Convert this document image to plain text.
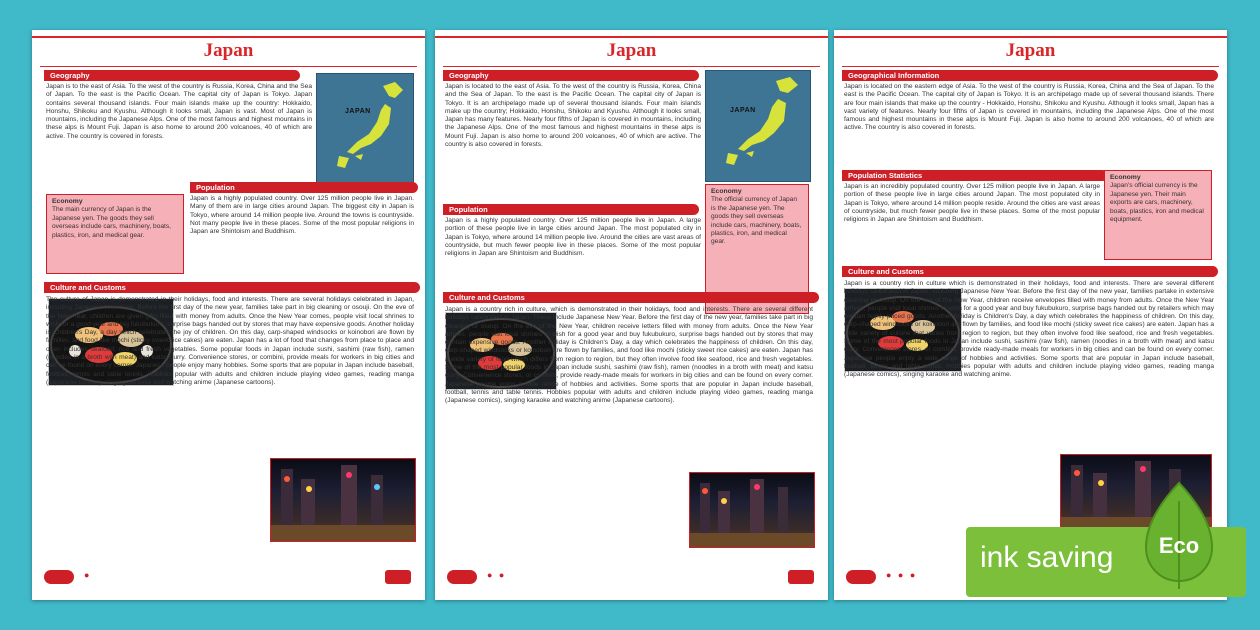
Japan
Geography
Japan is to the east of Asia. To the west of the country is Russia, Korea, China and the Sea of Japan. To the east is the Pacific Ocean. The capital city of Japan is Tokyo. Japan contains several thousand islands. Four main islands make up the country: Hokkaido, Honshu, Shikoku and Kyushu. Although it looks small, Japan is vast. Most of Japan is mountains, including the Japanese Alps. One of the most famous and highest mountains in these alps is Mount Fuji. Japan is also home to around 200 volcanoes, 40 of which are active. The country is covered in forests.
JAPAN
Population
Japan is a highly populated country. Over 125 million people live in Japan. Many of them are in large cities around Japan. The biggest city in Japan is Tokyo, where around 14 million people live. Around the towns is countryside. Not many people live in these places. Some of the most popular religions in Japan are Shintoism and Buddhism.
Economy
The main currency of Japan is the Japanese yen. The goods they sell overseas include cars, machinery, boats, plastics, iron, and medical gear.
Culture and Customs
The culture of Japan is demonstrated in their holidays, food and interests. There are several holidays celebrated in Japan, including Japanese New Year. Before the first day of the new year, families take part in big cleaning or osouji. On the eve of the New Year, children are given gifts filled with money from adults. Once the New Year comes, people visit local shrines to wish for a good year and big fukubukuro, surprise bags handed out by stores that may have expensive goods. Another holiday is Children's Day, a day which celebrates the joy of children. On this day, carp-shaped windsocks or koinobori are flown by families, and food like mochi (sticky sweet rice cakes) are eaten. Japan has a lot of food that changes from place to place and often includes seafood, rice and fresh vegetables. Some popular foods in Japan include sushi, sashimi (raw fish), ramen (noodles in a broth with meat) and katsu curry. Convenience stores, or combini, provide meals for workers in big cities and can be found on every corner. Japanese people enjoy many hobbies. Some sports that are popular in Japan include baseball, football, tennis and table tennis. Hobbies popular with adults and children include playing video games, reading manga (Japanese comics), singing karaoke and watching anime (Japanese cartoons).
●
Japan
Geography
Japan is located to the east of Asia. To the west of the country is Russia, Korea, China and the Sea of Japan. To the east is the Pacific Ocean. The capital city of Japan is Tokyo. It is an archipelago made up of several thousand islands. Four main islands make up the country; Hokkaido, Honshu, Shikoku and Kyushu. Although it looks small, Japan has many features. Nearly four fifths of Japan is covered in mountains, including the Japanese Alps. One of the most famous and highest mountains in these alps is Mount Fuji. Japan is also home to around 200 volcanoes, 40 of which are active. The country is also covered in forests.
JAPAN
Economy
The official currency of Japan is the Japanese yen. The goods they sell overseas include cars, machinery, boats, plastics, iron, and medical gear.
Population
Japan is a highly populated country. Over 125 million people live in Japan. A large portion of these people live in large cities around Japan. The most populated city in Japan is Tokyo, where around 14 million people live. Around the cities are vast areas of countryside, but much fewer people live in these places. Some of the most popular religions in Japan are Shintoism and Buddhism.
Culture and Customs
Japan is a country rich in culture, which is demonstrated in their holidays, food and interests. There are several different holidays celebrated in Japan. These include Japanese New Year. Before the first day of the new year, families take part in big cleaning or osouji. On the eve of the New Year, children receive letters filled with money from adults. Once the New Year arrives, people visit local shrines to wish for a good year and buy fukubukuro, surprise bags handed out by stores that may contain expensive goods. Another holiday is Children's Day, a day which celebrates the happiness of children. On this day, carp-shaped windsocks or koinobori are flown by families, and food like mochi (sticky sweet rice cakes) are eaten. Japan has a wide variety of food which differs from region to region, but they often involve food like seafood, rice and fresh vegetables. Some of the most popular foods in Japan include sushi, sashimi (raw fish), ramen (noodles in a broth with meat) and katsu curry. Convenience stores, or combini, provide ready-made meals for workers in big cities and can be found on every corner. Japanese people enjoy a wide range of hobbies and activities. Some sports that are popular in Japan include baseball, football, tennis and table tennis. Hobbies popular with adults and children include playing video games, reading manga (Japanese comics), singing karaoke and watching anime (Japanese cartoons).
● ●
Japan
Geographical Information
Japan is located on the eastern edge of Asia. To the west of the country is Russia, Korea, China and the Sea of Japan. To the east is the Pacific Ocean. The capital city of Japan is Tokyo. It is an archipelago made up of several thousand islands. There are four main islands that make up the country - Hokkaido, Honshu, Shikoku and Kyushu. Although it looks small, Japan has a vast variety of features. Nearly four fifths of Japan is covered in mountains, including the Japanese Alps. One of the most famous and highest mountains in these alps is Mount Fuji. Japan is also home to around 200 volcanoes, 40 of which are active. The country is also covered in forests.
Population Statistics
Japan is an incredibly populated country. Over 125 million people live in Japan. A large portion of these people live in large cities around Japan. The most populated city in Japan is Tokyo, where around 14 million people reside. Around the cities are vast areas of countryside, but much fewer people live in these places. Some of the most popular religions in Japan are Shintoism and Buddhism.
Economy
Japan's official currency is the Japanese yen. Their main exports are cars, machinery, boats, plastics, iron and medical equipment.
Culture and Customs
Japan is a country rich in culture which is demonstrated in their holidays, food and interests. There are several different holidays celebrated in Japan, including Japanese New Year. Before the first day of the new year, families partake in extensive cleaning or osouji. On the eve of the New Year, children receive envelopes filled with money from adults. Once the New Year arrives, people visit local shrines to wish for a good year and buy fukubukuro, surprise bags handed out by retailers which may contain highly-priced goods. Another holiday is Children's Day, a day which celebrates the happiness of children. On this day, carp-shaped windsocks or koinobori are flown by families, and food like mochi (sticky sweet rice cakes) are eaten. Japan has a wide variety of cuisine that varies from region to region, but they often involve food like seafood, rice and fresh vegetables. Some of the most popular foods in Japan include sushi, sashimi (raw fish), ramen (noodles in a broth with meat) and katsu curry. Convenience stores, or combini, provide ready-made meals for workers in big cities and can be found on every corner. Japanese people enjoy a wide range of hobbies and activities. Some sports that are popular in Japan include baseball, football, tennis and table tennis. Hobbies popular with adults and children include playing video games, reading manga (Japanese comics), singing karaoke and watching anime.
● ● ●
ink saving Eco
